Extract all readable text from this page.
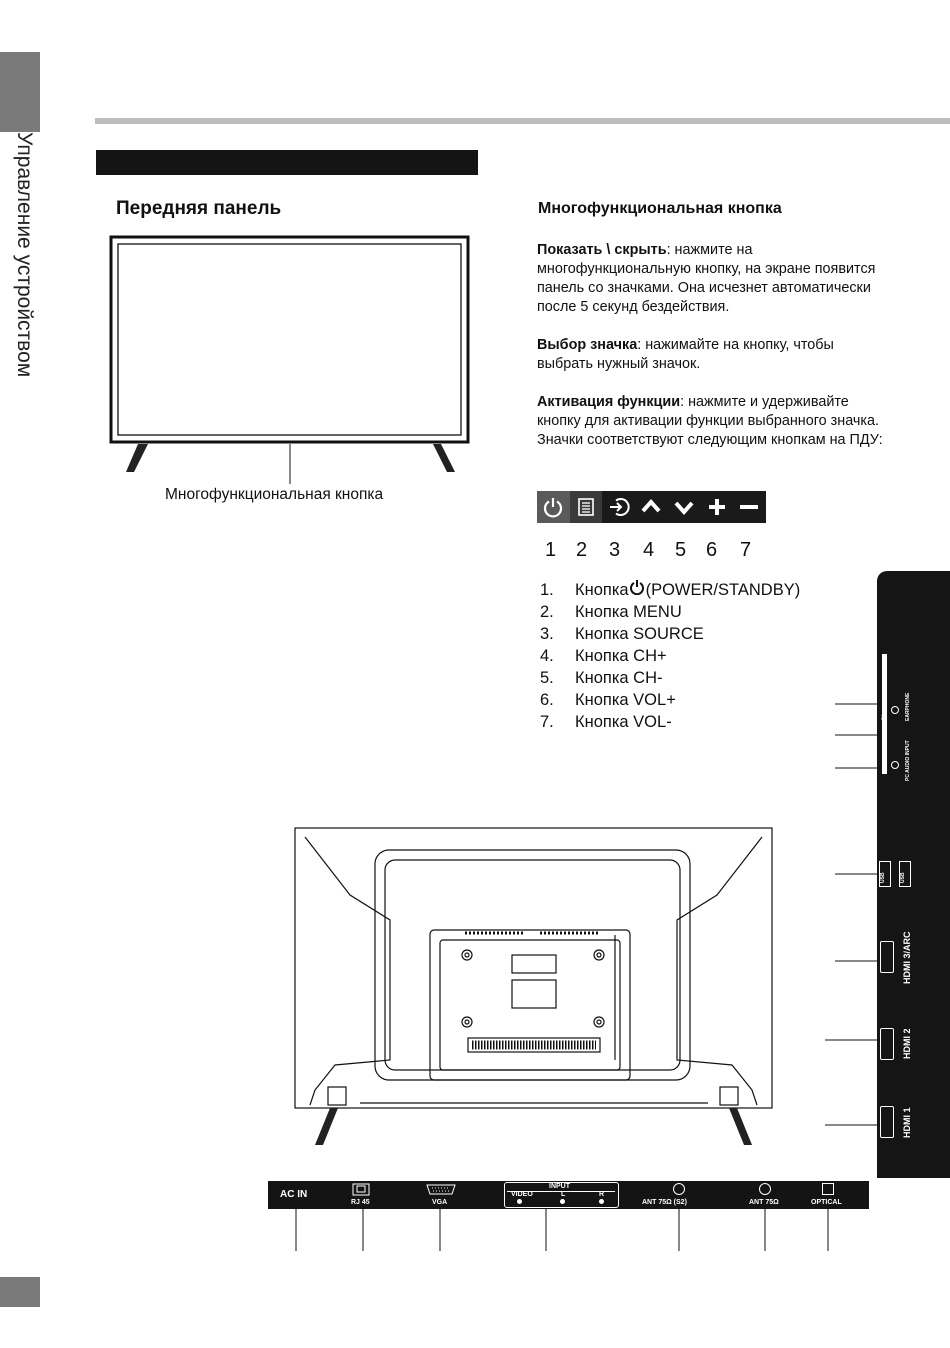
Управление устройством	Передняя панель
Многофункциональная кнопка
Многофункциональная кнопка
Показать \ скрыть: нажмите на многофункциональную кнопку, на экране появится панель со значками. Она исчезнет автоматически после 5 секунд бездействия.
Выбор значка: нажимайте на кнопку, чтобы выбрать нужный значок.
Активация функции: нажмите и удерживайте кнопку для активации функции выбранного значка. Значки соответствуют следующим кнопкам на ПДУ:
1 2 3 4 5 6 7
1.	Кнопка (POWER/STANDBY)
2.	Кнопка MENU
3.	Кнопка SOURCE
4.	Кнопка CH+
5.	Кнопка CH-
6.	Кнопка VOL+
7.	Кнопка VOL-
AC IN
RJ 45	VGA
INPUT
VIDEO	L	R
ANT 75Ω (S2)	ANT 75Ω	OPTICAL
CI	EARPHONE
PC AUDIO INPUT
USB	USB
HDMI 3/ARC
HDMI 2
HDMI 1
